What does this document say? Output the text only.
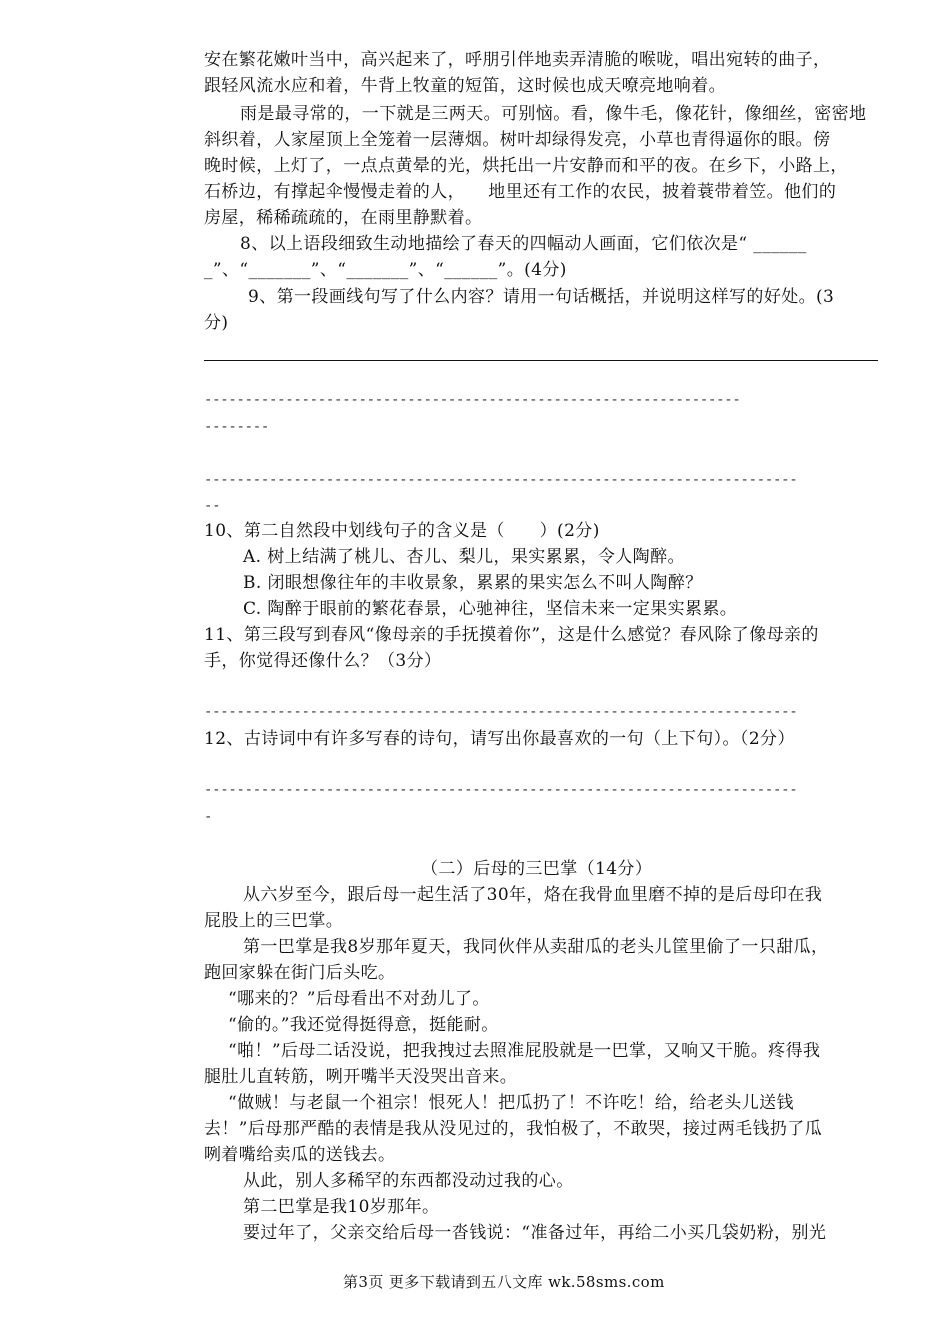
安在繁花嫩叶当中，高兴起来了，呼朋引伴地卖弄清脆的喉咙，唱出宛转的曲子，
跟轻风流水应和着，牛背上牧童的短笛，这时候也成天嘹亮地响着。
雨是最寻常的，一下就是三两天。可别恼。看，像牛毛，像花针，像细丝，密密地
斜织着，人家屋顶上全笼着一层薄烟。树叶却绿得发亮，小草也青得逼你的眼。傍
晚时候，上灯了，一点点黄晕的光，烘托出一片安静而和平的夜。在乡下，小路上，
石桥边，有撑起伞慢慢走着的人，    地里还有工作的农民，披着蓑带着笠。他们的
房屋，稀稀疏疏的，在雨里静默着。
8、以上语段细致生动地描绘了春天的四幅动人画面，它们依次是“ ______
_”、“_______”、“_______”、“______”。(4分)
9、第一段画线句写了什么内容？请用一句话概括，并说明这样写的好处。(3
分)
------------------------------------------------------------------
--------
-------------------------------------------------------------------------
--
10、第二自然段中划线句子的含义是（      ）(2分)
A. 树上结满了桃儿、杏儿、梨儿，果实累累，令人陶醉。
B. 闭眼想像往年的丰收景象，累累的果实怎么不叫人陶醉？
C. 陶醉于眼前的繁花春景，心驰神往，坚信未来一定果实累累。
11、第三段写到春风“像母亲的手抚摸着你”，这是什么感觉？春风除了像母亲的
手，你觉得还像什么？（3分）
-------------------------------------------------------------------------
12、古诗词中有许多写春的诗句，请写出你最喜欢的一句（上下句）。（2分）
-------------------------------------------------------------------------
-
（二）后母的三巴掌（14分）
从六岁至今，跟后母一起生活了30年，烙在我骨血里磨不掉的是后母印在我
屁股上的三巴掌。
第一巴掌是我8岁那年夏天，我同伙伴从卖甜瓜的老头儿筐里偷了一只甜瓜，
跑回家躲在街门后头吃。
“哪来的？”后母看出不对劲儿了。
“偷的。”我还觉得挺得意，挺能耐。
“啪！”后母二话没说，把我拽过去照准屁股就是一巴掌，又响又干脆。疼得我
腿肚儿直转筋，咧开嘴半天没哭出音来。
“做贼！与老鼠一个祖宗！恨死人！把瓜扔了！不许吃！给，给老头儿送钱
去！”后母那严酷的表情是我从没见过的，我怕极了，不敢哭，接过两毛钱扔了瓜
咧着嘴给卖瓜的送钱去。
从此，别人多稀罕的东西都没动过我的心。
第二巴掌是我10岁那年。
要过年了，父亲交给后母一沓钱说：“准备过年，再给二小买几袋奶粉，别光
第3页 更多下载请到五八文库 wk.58sms.com
